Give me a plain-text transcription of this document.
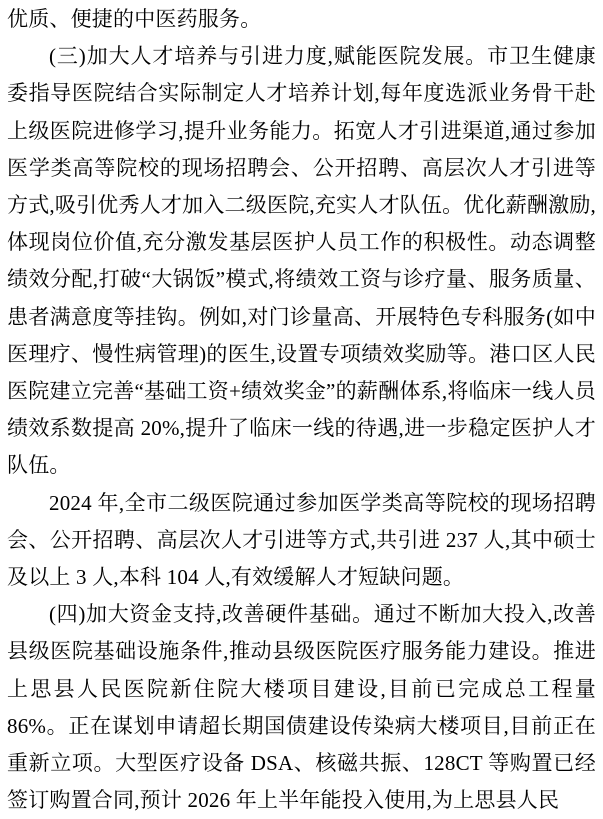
优质、便捷的中医药服务。

(三)加大人才培养与引进力度,赋能医院发展。市卫生健康委指导医院结合实际制定人才培养计划,每年度选派业务骨干赴上级医院进修学习,提升业务能力。拓宽人才引进渠道,通过参加医学类高等院校的现场招聘会、公开招聘、高层次人才引进等方式,吸引优秀人才加入二级医院,充实人才队伍。优化薪酬激励,体现岗位价值,充分激发基层医护人员工作的积极性。动态调整绩效分配,打破“大锅饭”模式,将绩效工资与诊疗量、服务质量、患者满意度等挂钩。例如,对门诊量高、开展特色专科服务(如中医理疗、慢性病管理)的医生,设置专项绩效奖励等。港口区人民医院建立完善“基础工资+绩效奖金”的薪酬体系,将临床一线人员绩效系数提高 20%,提升了临床一线的待遇,进一步稳定医护人才队伍。

2024 年,全市二级医院通过参加医学类高等院校的现场招聘会、公开招聘、高层次人才引进等方式,共引进 237 人,其中硕士及以上 3 人,本科 104 人,有效缓解人才短缺问题。

(四)加大资金支持,改善硬件基础。通过不断加大投入,改善县级医院基础设施条件,推动县级医院医疗服务能力建设。推进上思县人民医院新住院大楼项目建设,目前已完成总工程量 86%。正在谋划申请超长期国债建设传染病大楼项目,目前正在重新立项。大型医疗设备 DSA、核磁共振、128CT 等购置已经签订购置合同,预计 2026 年上半年能投入使用,为上思县人民
